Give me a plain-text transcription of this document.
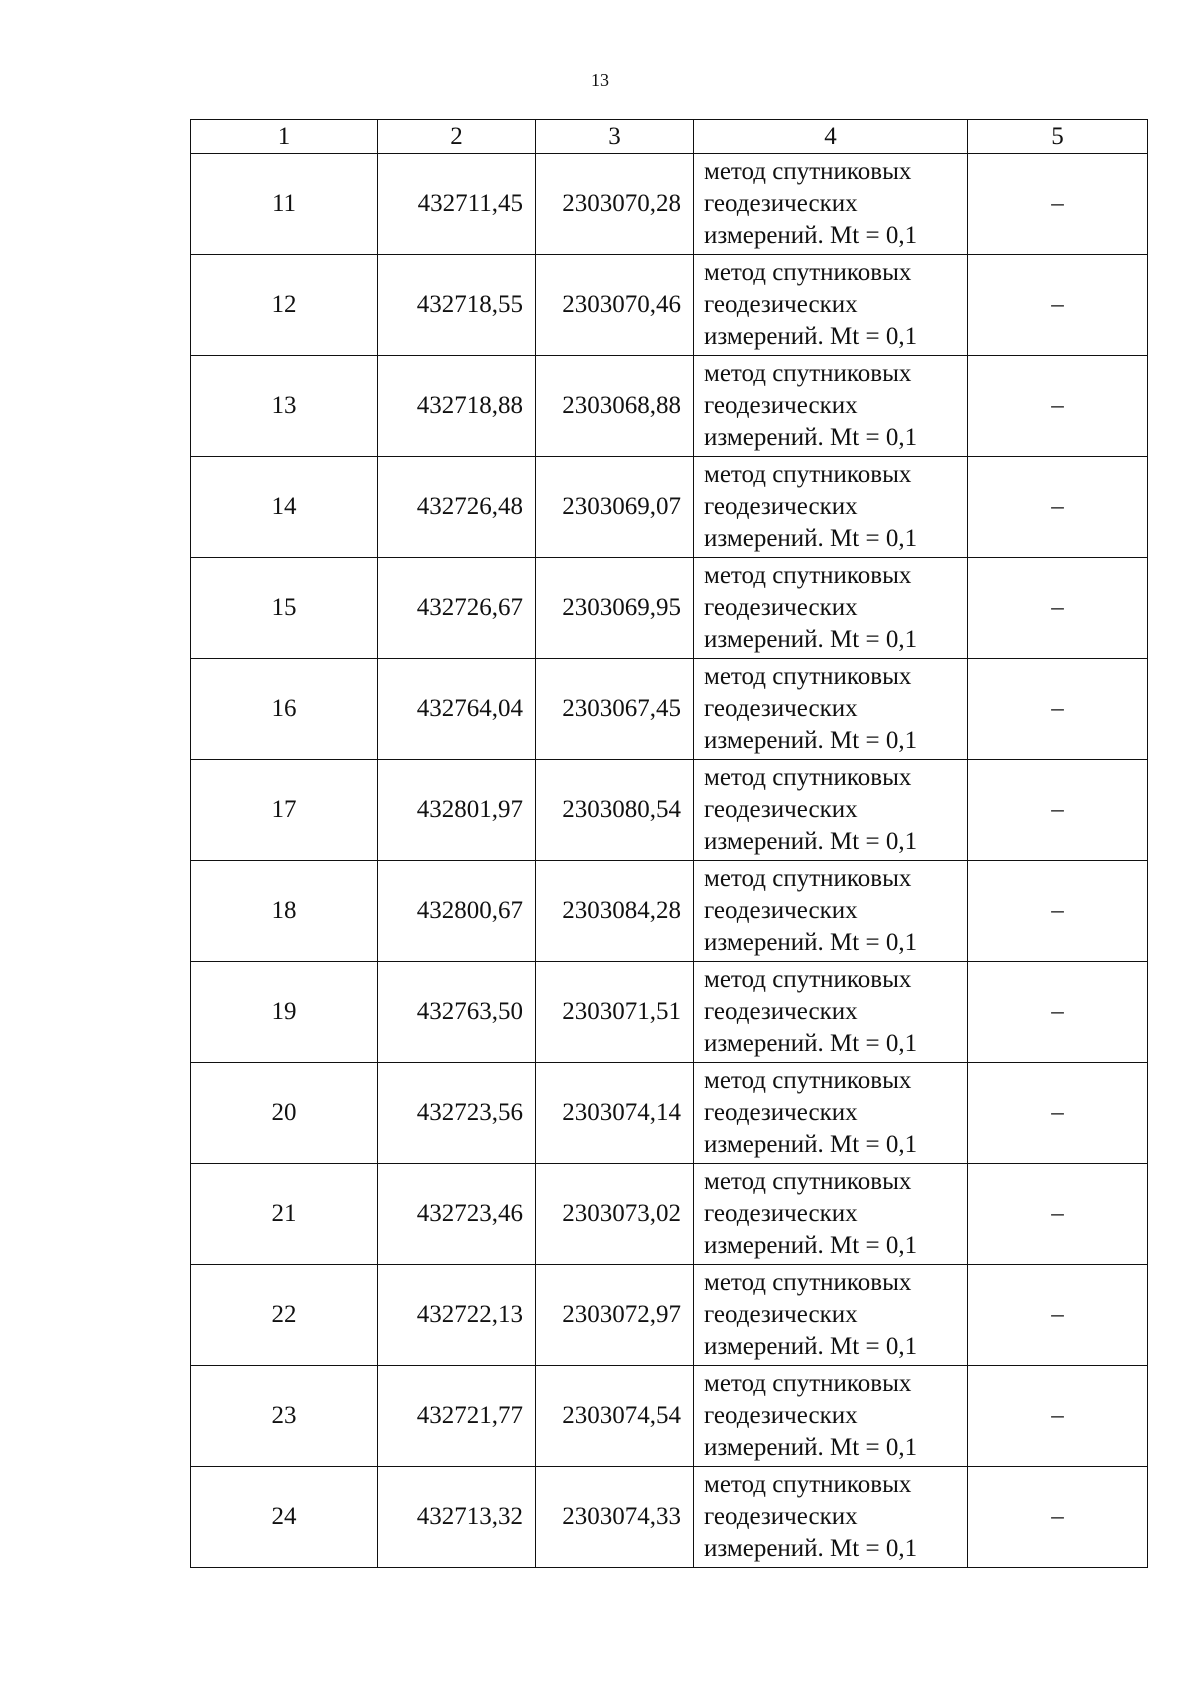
13
1	2	3	4	5
11	432711,45	2303070,28	метод спутниковых
геодезических
измерений. Mt = 0,1	–
12	432718,55	2303070,46	метод спутниковых
геодезических
измерений. Mt = 0,1	–
13	432718,88	2303068,88	метод спутниковых
геодезических
измерений. Mt = 0,1	–
14	432726,48	2303069,07	метод спутниковых
геодезических
измерений. Mt = 0,1	–
15	432726,67	2303069,95	метод спутниковых
геодезических
измерений. Mt = 0,1	–
16	432764,04	2303067,45	метод спутниковых
геодезических
измерений. Mt = 0,1	–
17	432801,97	2303080,54	метод спутниковых
геодезических
измерений. Mt = 0,1	–
18	432800,67	2303084,28	метод спутниковых
геодезических
измерений. Mt = 0,1	–
19	432763,50	2303071,51	метод спутниковых
геодезических
измерений. Mt = 0,1	–
20	432723,56	2303074,14	метод спутниковых
геодезических
измерений. Mt = 0,1	–
21	432723,46	2303073,02	метод спутниковых
геодезических
измерений. Mt = 0,1	–
22	432722,13	2303072,97	метод спутниковых
геодезических
измерений. Mt = 0,1	–
23	432721,77	2303074,54	метод спутниковых
геодезических
измерений. Mt = 0,1	–
24	432713,32	2303074,33	метод спутниковых
геодезических
измерений. Mt = 0,1	–
